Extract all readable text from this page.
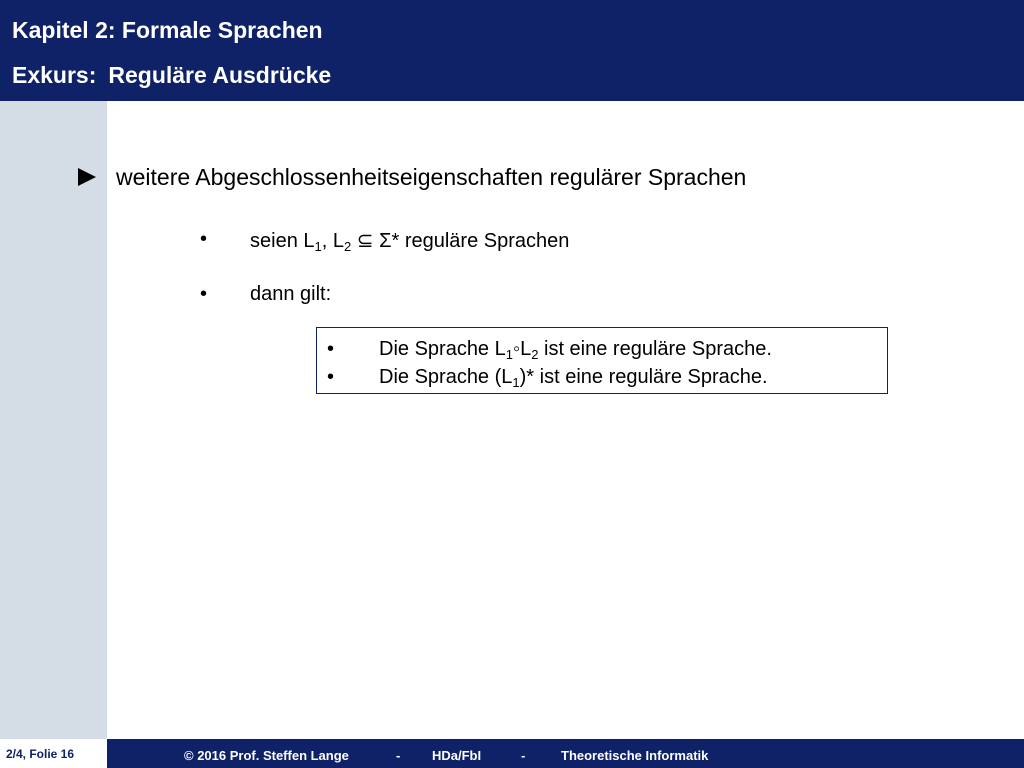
Kapitel 2: Formale Sprachen
Exkurs: Reguläre Ausdrücke
weitere Abgeschlossenheitseigenschaften regulärer Sprachen
• seien $L_1$, $L_2$ ⊆ Σ* reguläre Sprachen
• dann gilt:
• Die Sprache $L_1◦L_2$ ist eine reguläre Sprache.
• Die Sprache $(L_1)*$ ist eine reguläre Sprache.
2/4, Folie 16	© 2016 Prof. Steffen Lange	- HDa/FbI	-	Theoretische Informatik
